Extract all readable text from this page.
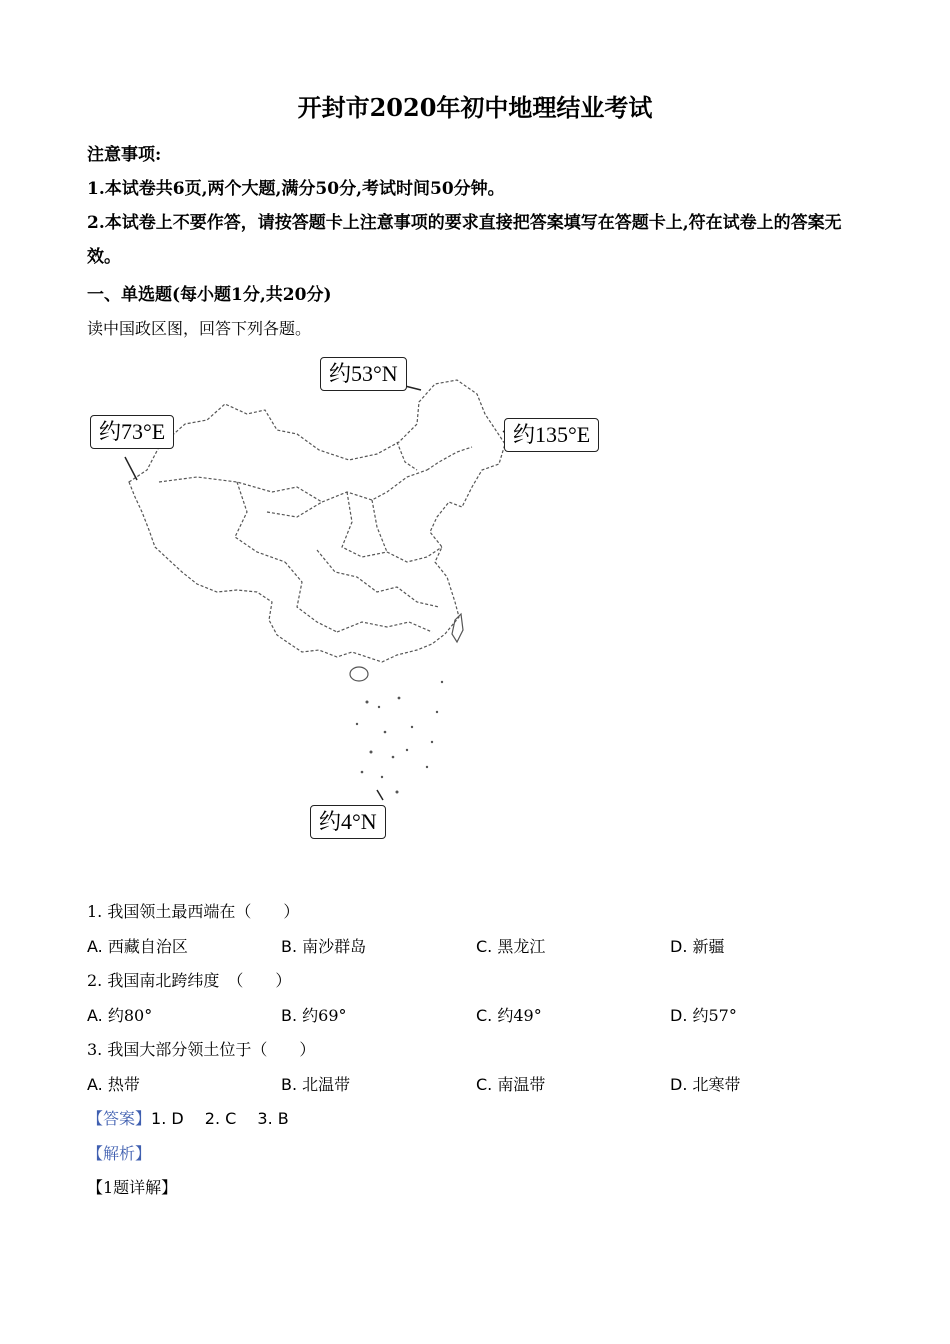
开封市2020年初中地理结业考试
注意事项:
1.本试卷共6页,两个大题,满分50分,考试时间50分钟。
2.本试卷上不要作答，请按答题卡上注意事项的要求直接把答案填写在答题卡上,符在试卷上的答案无效。
一、单选题(每小题1分,共20分)
读中国政区图，回答下列各题。
约53°N
约73°E	约135°E
约4°N
1. 我国领土最西端在（　　）
A. 西藏自治区	B. 南沙群岛	C. 黑龙江	D. 新疆
2. 我国南北跨纬度　（　　）
A. 约80°	B. 约69°	C. 约49°	D. 约57°
3. 我国大部分领土位于（　　）
A. 热带	B. 北温带	C. 南温带	D. 北寒带
【答案】1. D　 2. C　 3. B
【解析】
【1题详解】
